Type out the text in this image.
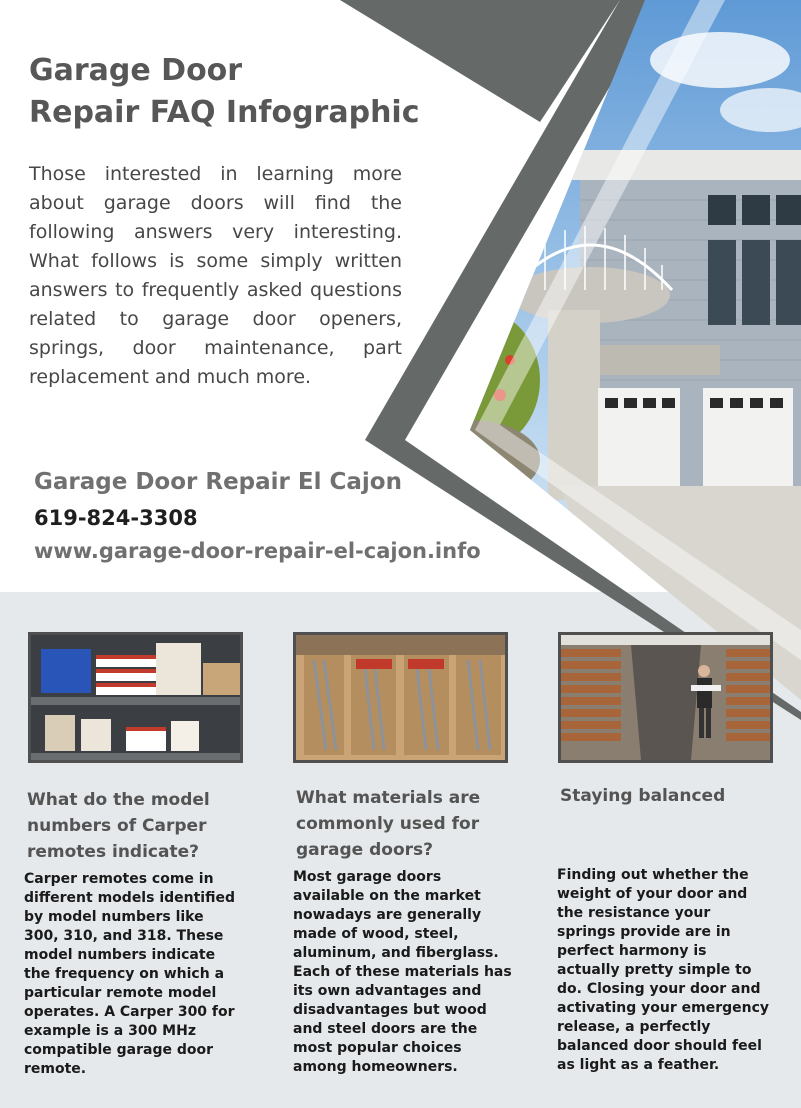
Garage Door
Repair FAQ Infographic

Those interested in learning more about garage doors will find the following answers very interesting. What follows is some simply written answers to frequently asked questions related to garage door openers, springs, door maintenance, part replacement and much more.

Garage Door Repair El Cajon
619-824-3308
www.garage-door-repair-el-cajon.info
What do the model numbers of Carper remotes indicate?
Carper remotes come in different models identified by model numbers like 300, 310, and 318. These model numbers indicate the frequency on which a particular remote model operates. A Carper 300 for example is a 300 MHz compatible garage door remote.
What materials are commonly used for garage doors?
Most garage doors available on the market nowadays are generally made of wood, steel, aluminum, and fiberglass. Each of these materials has its own advantages and disadvantages but wood and steel doors are the most popular choices among homeowners.
Staying balanced
Finding out whether the weight of your door and the resistance your springs provide are in perfect harmony is actually pretty simple to do. Closing your door and activating your emergency release, a perfectly balanced door should feel as light as a feather.
